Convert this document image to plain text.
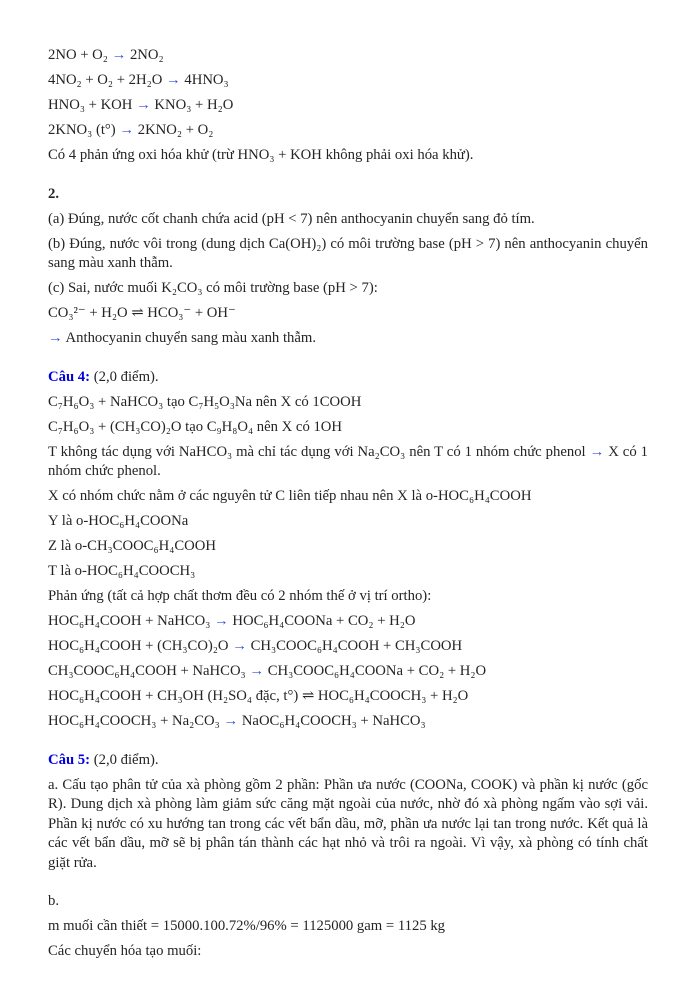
2NO + O₂ → 2NO₂

4NO₂ + O₂ + 2H₂O → 4HNO₃

HNO₃ + KOH → KNO₃ + H₂O

2KNO₃ (t°) → 2KNO₂ + O₂

Có 4 phản ứng oxi hóa khử (trừ HNO₃ + KOH không phải oxi hóa khử).

2.

(a) Đúng, nước cốt chanh chứa acid (pH < 7) nên anthocyanin chuyển sang đỏ tím.

(b) Đúng, nước vôi trong (dung dịch Ca(OH)₂) có môi trường base (pH > 7) nên anthocyanin chuyển sang màu xanh thẫm.

(c) Sai, nước muối K₂CO₃ có môi trường base (pH > 7):

CO₃²⁻ + H₂O ⇌ HCO₃⁻ + OH⁻

→ Anthocyanin chuyển sang màu xanh thẫm.

Câu 4: (2,0 điểm).

C₇H₆O₃ + NaHCO₃ tạo C₇H₅O₃Na nên X có 1COOH

C₇H₆O₃ + (CH₃CO)₂O tạo C₉H₈O₄ nên X có 1OH

T không tác dụng với NaHCO₃ mà chỉ tác dụng với Na₂CO₃ nên T có 1 nhóm chức phenol → X có 1 nhóm chức phenol.

X có nhóm chức nằm ở các nguyên tử C liên tiếp nhau nên X là o-HOC₆H₄COOH

Y là o-HOC₆H₄COONa

Z là o-CH₃COOC₆H₄COOH

T là o-HOC₆H₄COOCH₃

Phản ứng (tất cả hợp chất thơm đều có 2 nhóm thế ở vị trí ortho):

HOC₆H₄COOH + NaHCO₃ → HOC₆H₄COONa + CO₂ + H₂O

HOC₆H₄COOH + (CH₃CO)₂O → CH₃COOC₆H₄COOH + CH₃COOH

CH₃COOC₆H₄COOH + NaHCO₃ → CH₃COOC₆H₄COONa + CO₂ + H₂O

HOC₆H₄COOH + CH₃OH (H₂SO₄ đặc, t°) ⇌ HOC₆H₄COOCH₃ + H₂O

HOC₆H₄COOCH₃ + Na₂CO₃ → NaOC₆H₄COOCH₃ + NaHCO₃

Câu 5: (2,0 điểm).

a. Cấu tạo phân tử của xà phòng gồm 2 phần: Phần ưa nước (COONa, COOK) và phần kị nước (gốc R). Dung dịch xà phòng làm giảm sức căng mặt ngoài của nước, nhờ đó xà phòng ngấm vào sợi vải. Phần kị nước có xu hướng tan trong các vết bẩn dầu, mỡ, phần ưa nước lại tan trong nước. Kết quả là các vết bẩn dầu, mỡ sẽ bị phân tán thành các hạt nhỏ và trôi ra ngoài. Vì vậy, xà phòng có tính chất giặt rửa.

b.

m muối cần thiết = 15000.100.72%/96% = 1125000 gam = 1125 kg

Các chuyển hóa tạo muối:
